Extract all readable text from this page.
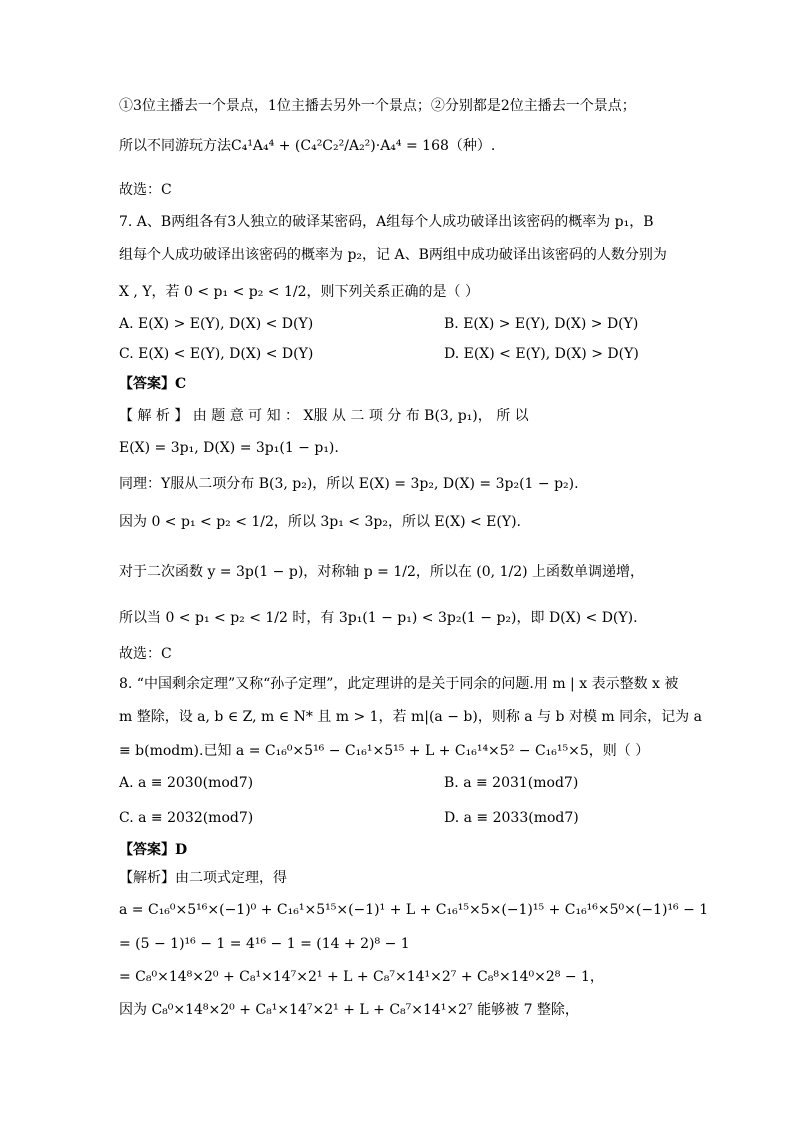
①3位主播去一个景点，1位主播去另外一个景点；②分别都是2位主播去一个景点；
所以不同游玩方法C₄¹A₄⁴ + (C₄²C₂²/A₂²)·A₄⁴ = 168（种）.
故选：C
7. A、B两组各有3人独立的破译某密码，A组每个人成功破译出该密码的概率为 p₁，B
组每个人成功破译出该密码的概率为 p₂，记 A、B两组中成功破译出该密码的人数分别为
X , Y，若 0 < p₁ < p₂ < 1/2，则下列关系正确的是（ ）
A. E(X) > E(Y), D(X) < D(Y)	B. E(X) > E(Y), D(X) > D(Y)
C. E(X) < E(Y), D(X) < D(Y)	D. E(X) < E(Y), D(X) > D(Y)
【答案】C
【 解 析 】 由 题 意 可 知 ： X服 从 二 项 分 布 B(3, p₁)， 所 以
E(X) = 3p₁, D(X) = 3p₁(1 − p₁).
同理：Y服从二项分布 B(3, p₂)，所以 E(X) = 3p₂, D(X) = 3p₂(1 − p₂).
因为 0 < p₁ < p₂ < 1/2，所以 3p₁ < 3p₂，所以 E(X) < E(Y).
对于二次函数 y = 3p(1 − p)，对称轴 p = 1/2，所以在 (0, 1/2) 上函数单调递增，
所以当 0 < p₁ < p₂ < 1/2 时，有 3p₁(1 − p₁) < 3p₂(1 − p₂)，即 D(X) < D(Y).
故选：C
8. “中国剩余定理”又称“孙子定理”，此定理讲的是关于同余的问题.用 m | x 表示整数 x 被
m 整除，设 a, b ∈ Z, m ∈ N* 且 m > 1，若 m|(a − b)，则称 a 与 b 对模 m 同余，记为 a
≡ b(modm).已知 a = C₁₆⁰×5¹⁶ − C₁₆¹×5¹⁵ + L + C₁₆¹⁴×5² − C₁₆¹⁵×5，则（ ）
A. a ≡ 2030(mod7)	B. a ≡ 2031(mod7)
C. a ≡ 2032(mod7)	D. a ≡ 2033(mod7)
【答案】D
【解析】由二项式定理，得
a = C₁₆⁰×5¹⁶×(−1)⁰ + C₁₆¹×5¹⁵×(−1)¹ + L + C₁₆¹⁵×5×(−1)¹⁵ + C₁₆¹⁶×5⁰×(−1)¹⁶ − 1
= (5 − 1)¹⁶ − 1 = 4¹⁶ − 1 = (14 + 2)⁸ − 1
= C₈⁰×14⁸×2⁰ + C₈¹×14⁷×2¹ + L + C₈⁷×14¹×2⁷ + C₈⁸×14⁰×2⁸ − 1，
因为 C₈⁰×14⁸×2⁰ + C₈¹×14⁷×2¹ + L + C₈⁷×14¹×2⁷ 能够被 7 整除，
